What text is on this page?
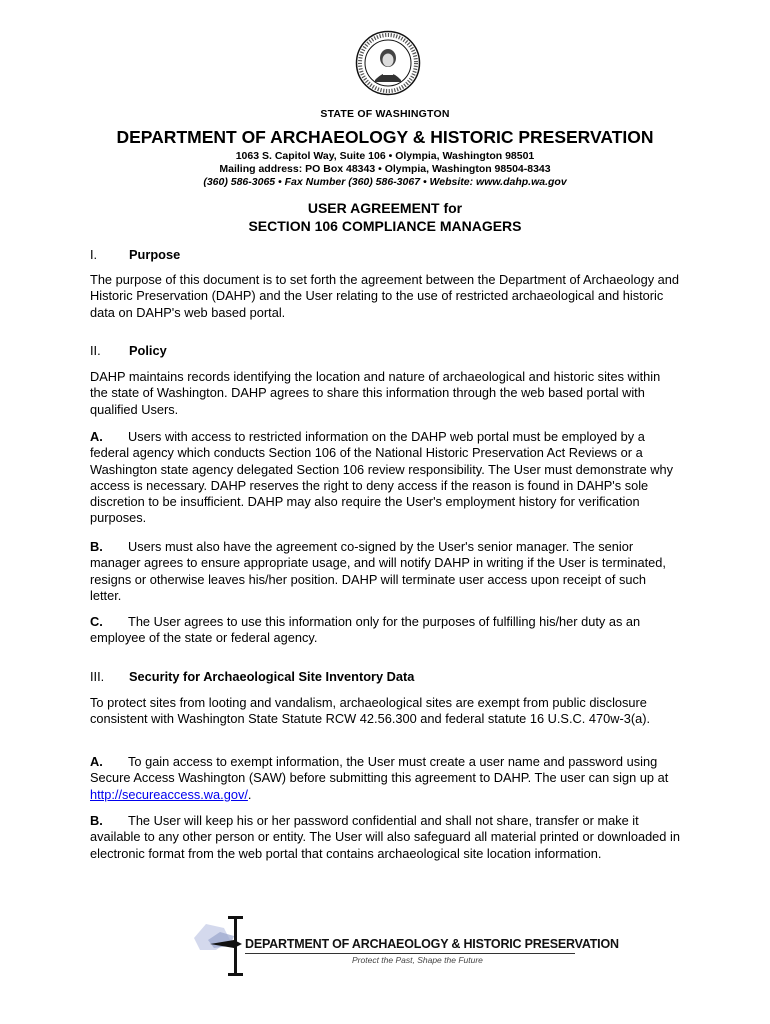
STATE OF WASHINGTON
DEPARTMENT OF ARCHAEOLOGY & HISTORIC PRESERVATION
1063 S. Capitol Way, Suite 106 • Olympia, Washington 98501
Mailing address: PO Box 48343 • Olympia, Washington 98504-8343
(360) 586-3065 • Fax Number (360) 586-3067 • Website: www.dahp.wa.gov
USER AGREEMENT for
SECTION 106 COMPLIANCE MANAGERS
I. Purpose
The purpose of this document is to set forth the agreement between the Department of Archaeology and Historic Preservation (DAHP) and the User relating to the use of restricted archaeological and historic data on DAHP's web based portal.
II. Policy
DAHP maintains records identifying the location and nature of archaeological and historic sites within the state of Washington. DAHP agrees to share this information through the web based portal with qualified Users.
A. Users with access to restricted information on the DAHP web portal must be employed by a federal agency which conducts Section 106 of the National Historic Preservation Act Reviews or a Washington state agency delegated Section 106 review responsibility. The User must demonstrate why access is necessary. DAHP reserves the right to deny access if the reason is found in DAHP's sole discretion to be insufficient. DAHP may also require the User's employment history for verification purposes.
B. Users must also have the agreement co-signed by the User's senior manager. The senior manager agrees to ensure appropriate usage, and will notify DAHP in writing if the User is terminated, resigns or otherwise leaves his/her position. DAHP will terminate user access upon receipt of such letter.
C. The User agrees to use this information only for the purposes of fulfilling his/her duty as an employee of the state or federal agency.
III. Security for Archaeological Site Inventory Data
To protect sites from looting and vandalism, archaeological sites are exempt from public disclosure consistent with Washington State Statute RCW 42.56.300 and federal statute 16 U.S.C. 470w-3(a).
A. To gain access to exempt information, the User must create a user name and password using Secure Access Washington (SAW) before submitting this agreement to DAHP. The user can sign up at http://secureaccess.wa.gov/.
B. The User will keep his or her password confidential and shall not share, transfer or make it available to any other person or entity. The User will also safeguard all material printed or downloaded in electronic format from the web portal that contains archaeological site location information.
DEPARTMENT OF ARCHAEOLOGY & HISTORIC PRESERVATION
Protect the Past, Shape the Future
